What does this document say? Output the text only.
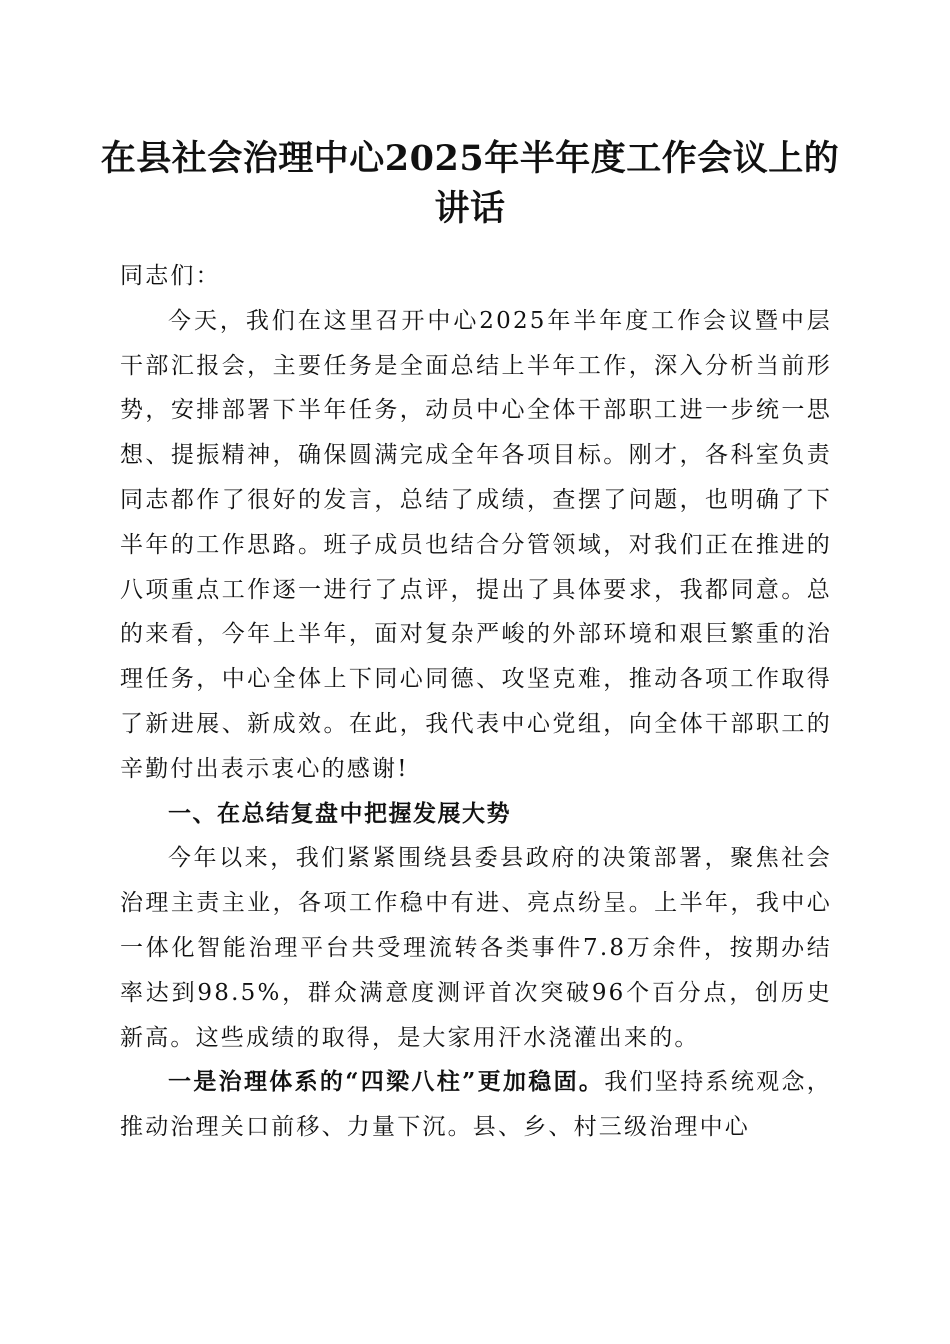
在县社会治理中心2025年半年度工作会议上的讲话

同志们：

今天，我们在这里召开中心2025年半年度工作会议暨中层干部汇报会，主要任务是全面总结上半年工作，深入分析当前形势，安排部署下半年任务，动员中心全体干部职工进一步统一思想、提振精神，确保圆满完成全年各项目标。刚才，各科室负责同志都作了很好的发言，总结了成绩，查摆了问题，也明确了下半年的工作思路。班子成员也结合分管领域，对我们正在推进的八项重点工作逐一进行了点评，提出了具体要求，我都同意。总的来看，今年上半年，面对复杂严峻的外部环境和艰巨繁重的治理任务，中心全体上下同心同德、攻坚克难，推动各项工作取得了新进展、新成效。在此，我代表中心党组，向全体干部职工的辛勤付出表示衷心的感谢!

一、在总结复盘中把握发展大势

今年以来，我们紧紧围绕县委县政府的决策部署，聚焦社会治理主责主业，各项工作稳中有进、亮点纷呈。上半年，我中心一体化智能治理平台共受理流转各类事件7.8万余件，按期办结率达到98.5%，群众满意度测评首次突破96个百分点，创历史新高。这些成绩的取得，是大家用汗水浇灌出来的。

一是治理体系的“四梁八柱”更加稳固。我们坚持系统观念，推动治理关口前移、力量下沉。县、乡、村三级治理中心
